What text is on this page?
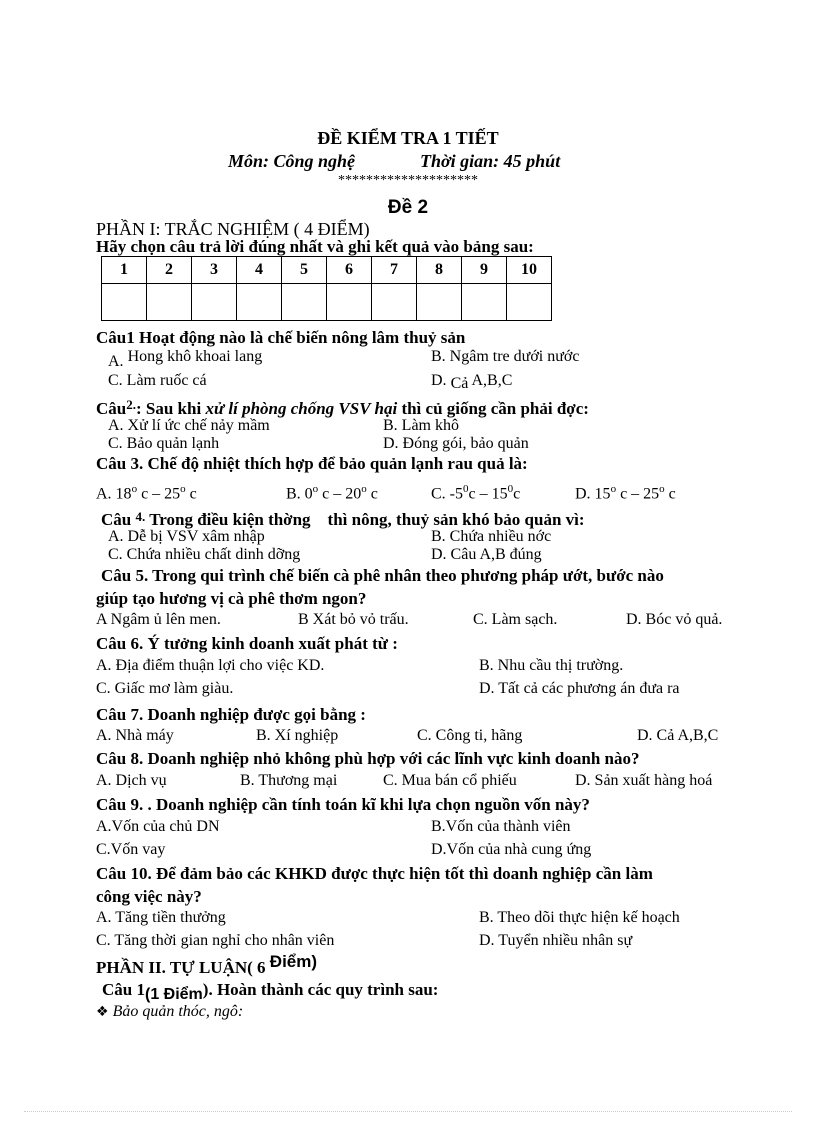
ĐỀ KIỂM TRA 1 TIẾT
Môn: Công nghệ	Thời gian: 45 phút
********************
Đề 2
PHẦN I: TRẮC NGHIỆM ( 4 ĐIỂM)
Hãy chọn câu trả lời đúng nhất và ghi kết quả vào bảng sau:
1	2	3	4	5	6	7	8	9	10

Câu1 Hoạt động nào là chế biến nông lâm thuỷ sản
A. Hong khô khoai lang	B. Ngâm tre dưới nước
C. Làm ruốc cá	D. Cả A,B,C
Câu$^{2.}$: Sau khi xử lí phòng chống VSV hại thì củ giống cần phải đợc:
A. Xử lí ức chế nảy mầm	B. Làm khô
C. Bảo quản lạnh	D. Đóng gói, bảo quản
Câu 3. Chế độ nhiệt thích hợp để bảo quản lạnh rau quả là:
A. 18$^o$ c – 25$^o$ c	B. 0$^o$ c – 20$^o$ c	C. $-5^0c - 15^0c$	D. 15$^o$ c – 25$^o$ c
Câu $^{4.}$ Trong điều kiện thờng    thì nông, thuỷ sản khó bảo quản vì:
A. Dễ bị VSV xâm nhập	B. Chứa nhiều nớc
C. Chứa nhiều chất dinh dỡng	D. Câu A,B đúng
Câu 5. Trong qui trình chế biến cà phê nhân theo phương pháp ướt, bước nào
giúp tạo hương vị cà phê thơm ngon?
A Ngâm ủ lên men.	B Xát bỏ vỏ trấu.	C. Làm sạch.	D. Bóc vỏ quả.
Câu 6. Ý tưởng kinh doanh xuất phát từ :
A. Địa điểm thuận lợi cho việc KD.	B. Nhu cầu thị trường.
C. Giấc mơ làm giàu.	D. Tất cả các phương án đưa ra
Câu 7. Doanh nghiệp được gọi bằng :
A. Nhà máy	B. Xí nghiệp	C. Công ti, hãng	D. Cả A,B,C
Câu 8. Doanh nghiệp nhỏ không phù hợp với các lĩnh vực kinh doanh nào?
A. Dịch vụ	B. Thương mại	C. Mua bán cổ phiếu	D. Sản xuất hàng hoá
Câu 9. . Doanh nghiệp cần tính toán kĩ khi lựa chọn nguồn vốn này?
A.Vốn của chủ DN	B.Vốn của thành viên
C.Vốn vay	D.Vốn của nhà cung ứng
Câu 10. Để đảm bảo các KHKD được thực hiện tốt thì doanh nghiệp cần làm
công việc này?
A. Tăng tiền thưởng	B. Theo dõi thực hiện kế hoạch
C. Tăng thời gian nghỉ cho nhân viên	D. Tuyển nhiều nhân sự
PHẦN II. TỰ LUẬN( 6 Điểm)
Câu 1(1 Điểm). Hoàn thành các quy trình sau:
❖ Bảo quản thóc, ngô:
